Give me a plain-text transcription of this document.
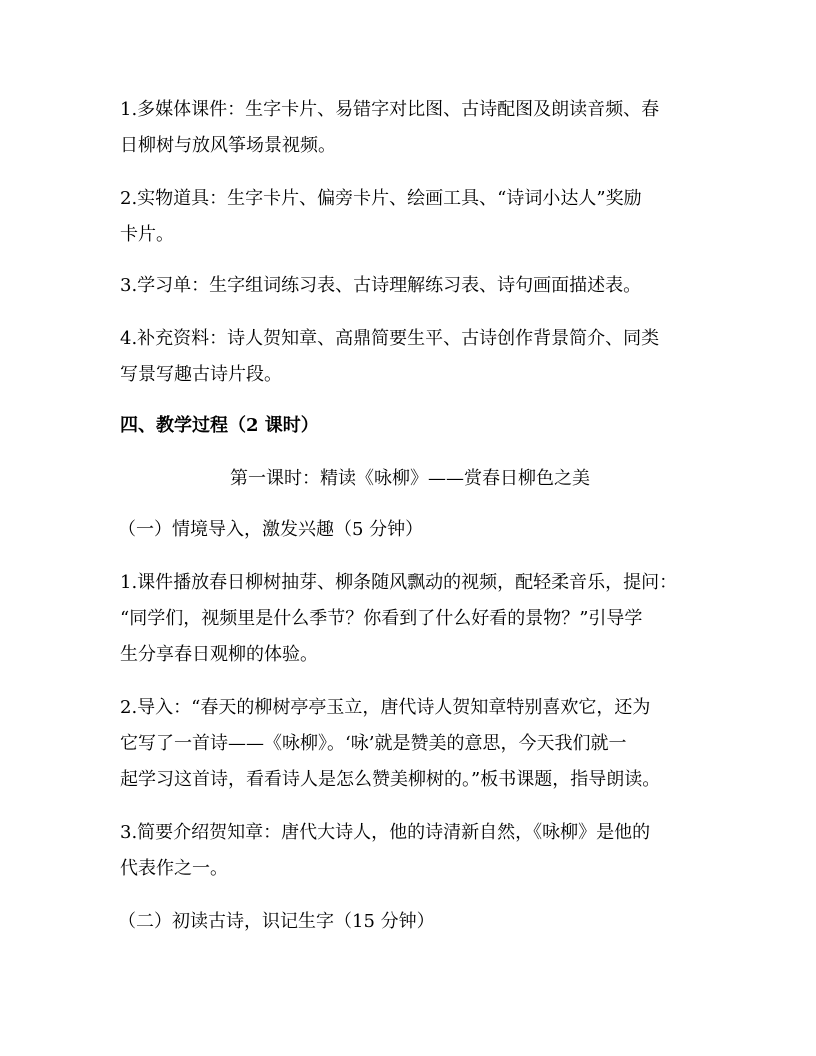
1.多媒体课件：生字卡片、易错字对比图、古诗配图及朗读音频、春
日柳树与放风筝场景视频。
2.实物道具：生字卡片、偏旁卡片、绘画工具、“诗词小达人”奖励
卡片。
3.学习单：生字组词练习表、古诗理解练习表、诗句画面描述表。
4.补充资料：诗人贺知章、高鼎简要生平、古诗创作背景简介、同类
写景写趣古诗片段。
四、教学过程（2 课时）
第一课时：精读《咏柳》——赏春日柳色之美
（一）情境导入，激发兴趣（5 分钟）
1.课件播放春日柳树抽芽、柳条随风飘动的视频，配轻柔音乐，提问：
“同学们，视频里是什么季节？你看到了什么好看的景物？”引导学
生分享春日观柳的体验。
2.导入：“春天的柳树亭亭玉立，唐代诗人贺知章特别喜欢它，还为
它写了一首诗——《咏柳》。‘咏’就是赞美的意思，今天我们就一
起学习这首诗，看看诗人是怎么赞美柳树的。”板书课题，指导朗读。
3.简要介绍贺知章：唐代大诗人，他的诗清新自然，《咏柳》是他的
代表作之一。
（二）初读古诗，识记生字（15 分钟）
